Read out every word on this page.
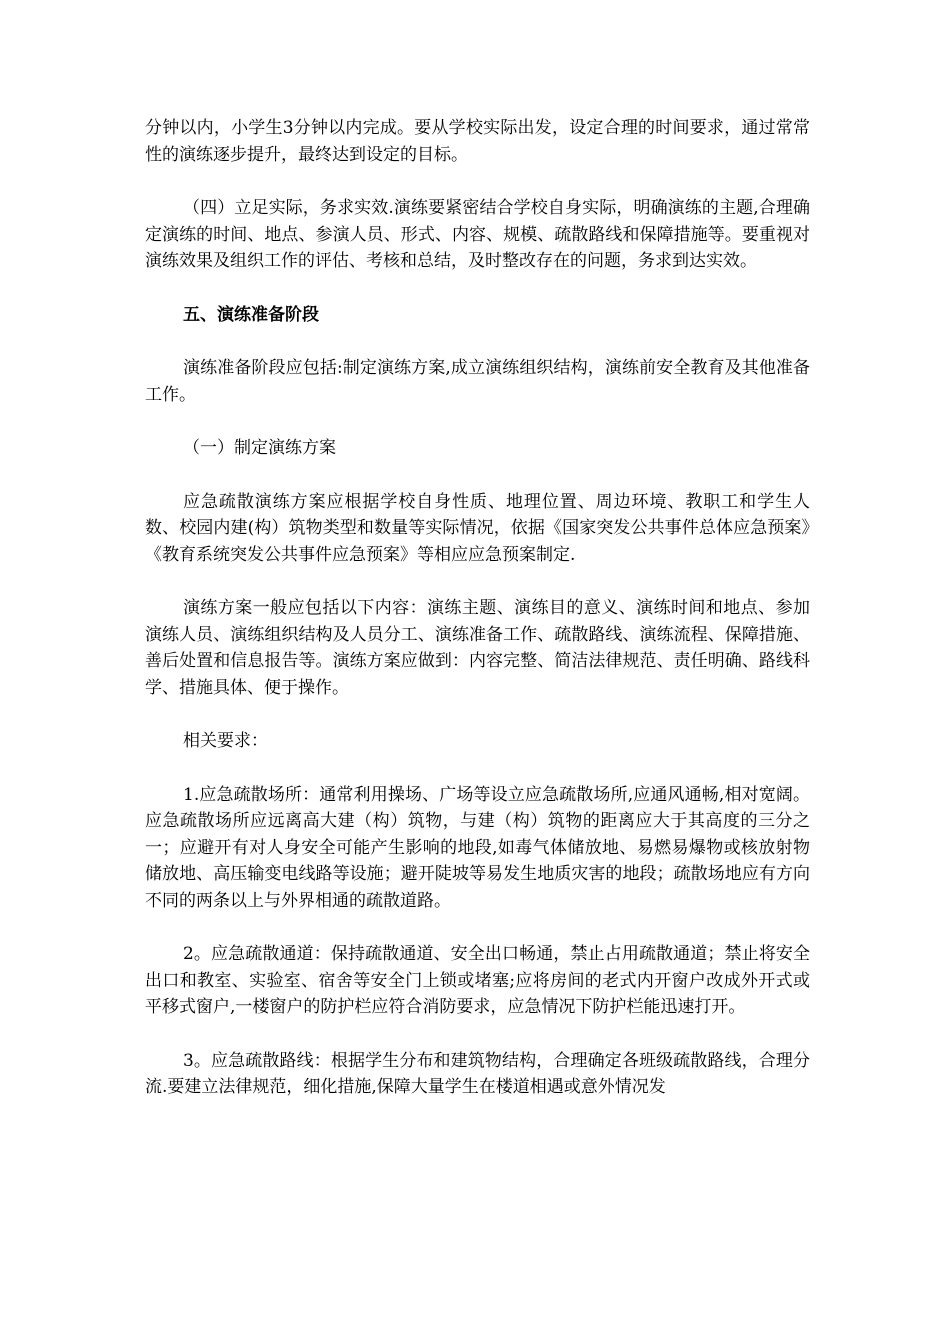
分钟以内，小学生3分钟以内完成。要从学校实际出发，设定合理的时间要求，通过常常性的演练逐步提升，最终达到设定的目标。

（四）立足实际，务求实效.演练要紧密结合学校自身实际，明确演练的主题,合理确定演练的时间、地点、参演人员、形式、内容、规模、疏散路线和保障措施等。要重视对演练效果及组织工作的评估、考核和总结，及时整改存在的问题，务求到达实效。

五、演练准备阶段

演练准备阶段应包括:制定演练方案,成立演练组织结构，演练前安全教育及其他准备工作。

（一）制定演练方案

应急疏散演练方案应根据学校自身性质、地理位置、周边环境、教职工和学生人数、校园内建(构）筑物类型和数量等实际情况，依据《国家突发公共事件总体应急预案》《教育系统突发公共事件应急预案》等相应应急预案制定.

演练方案一般应包括以下内容：演练主题、演练目的意义、演练时间和地点、参加演练人员、演练组织结构及人员分工、演练准备工作、疏散路线、演练流程、保障措施、善后处置和信息报告等。演练方案应做到：内容完整、简洁法律规范、责任明确、路线科学、措施具体、便于操作。

相关要求：

1.应急疏散场所：通常利用操场、广场等设立应急疏散场所,应通风通畅,相对宽阔。应急疏散场所应远离高大建（构）筑物，与建（构）筑物的距离应大于其高度的三分之一；应避开有对人身安全可能产生影响的地段,如毒气体储放地、易燃易爆物或核放射物储放地、高压输变电线路等设施；避开陡坡等易发生地质灾害的地段；疏散场地应有方向不同的两条以上与外界相通的疏散道路。

2。应急疏散通道：保持疏散通道、安全出口畅通，禁止占用疏散通道；禁止将安全出口和教室、实验室、宿舍等安全门上锁或堵塞;应将房间的老式内开窗户改成外开式或平移式窗户,一楼窗户的防护栏应符合消防要求，应急情况下防护栏能迅速打开。

3。应急疏散路线：根据学生分布和建筑物结构，合理确定各班级疏散路线，合理分流.要建立法律规范，细化措施,保障大量学生在楼道相遇或意外情况发
